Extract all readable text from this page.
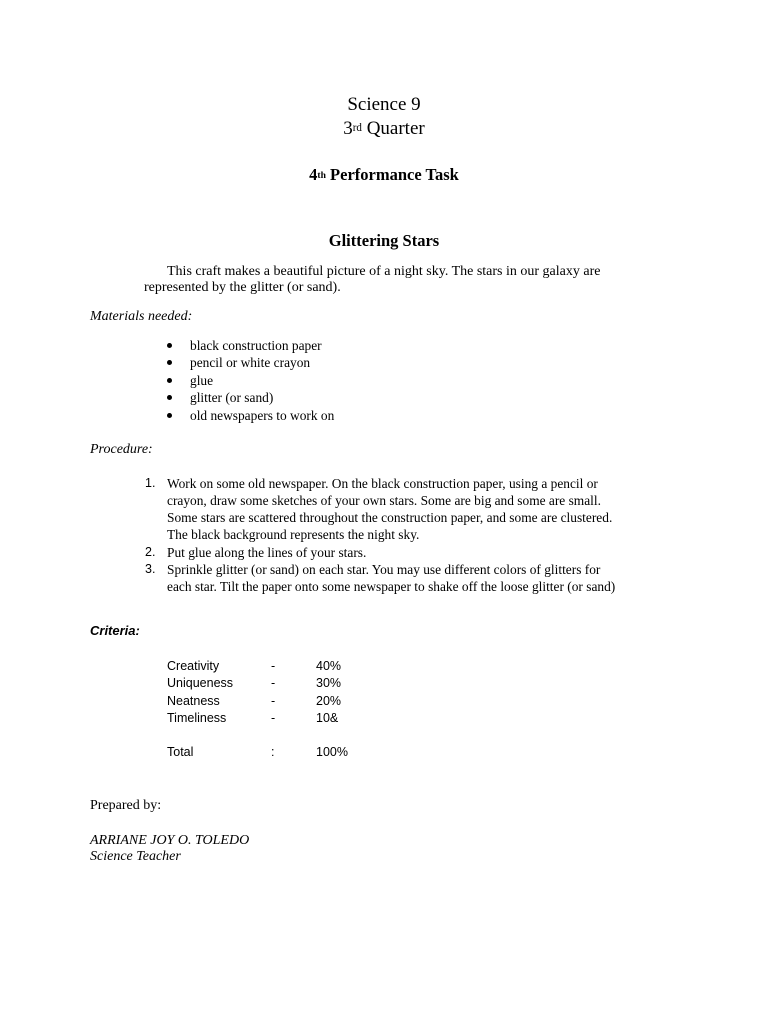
Science 9
3rd Quarter
4th Performance Task
Glittering Stars
This craft makes a beautiful picture of a night sky. The stars in our galaxy are
represented by the glitter (or sand).
Materials needed:
black construction paper
pencil or white crayon
glue
glitter (or sand)
old newspapers to work on
Procedure:
1. Work on some old newspaper. On the black construction paper, using a pencil or
crayon, draw some sketches of your own stars. Some are big and some are small.
Some stars are scattered throughout the construction paper, and some are clustered.
The black background represents the night sky.
2. Put glue along the lines of your stars.
3. Sprinkle glitter (or sand) on each star. You may use different colors of glitters for
each star. Tilt the paper onto some newspaper to shake off the loose glitter (or sand)
Criteria:
Creativity	-	40%
Uniqueness	-	30%
Neatness	-	20%
Timeliness	-	10&
Total	:	100%
Prepared by:
ARRIANE JOY O. TOLEDO
Science Teacher
